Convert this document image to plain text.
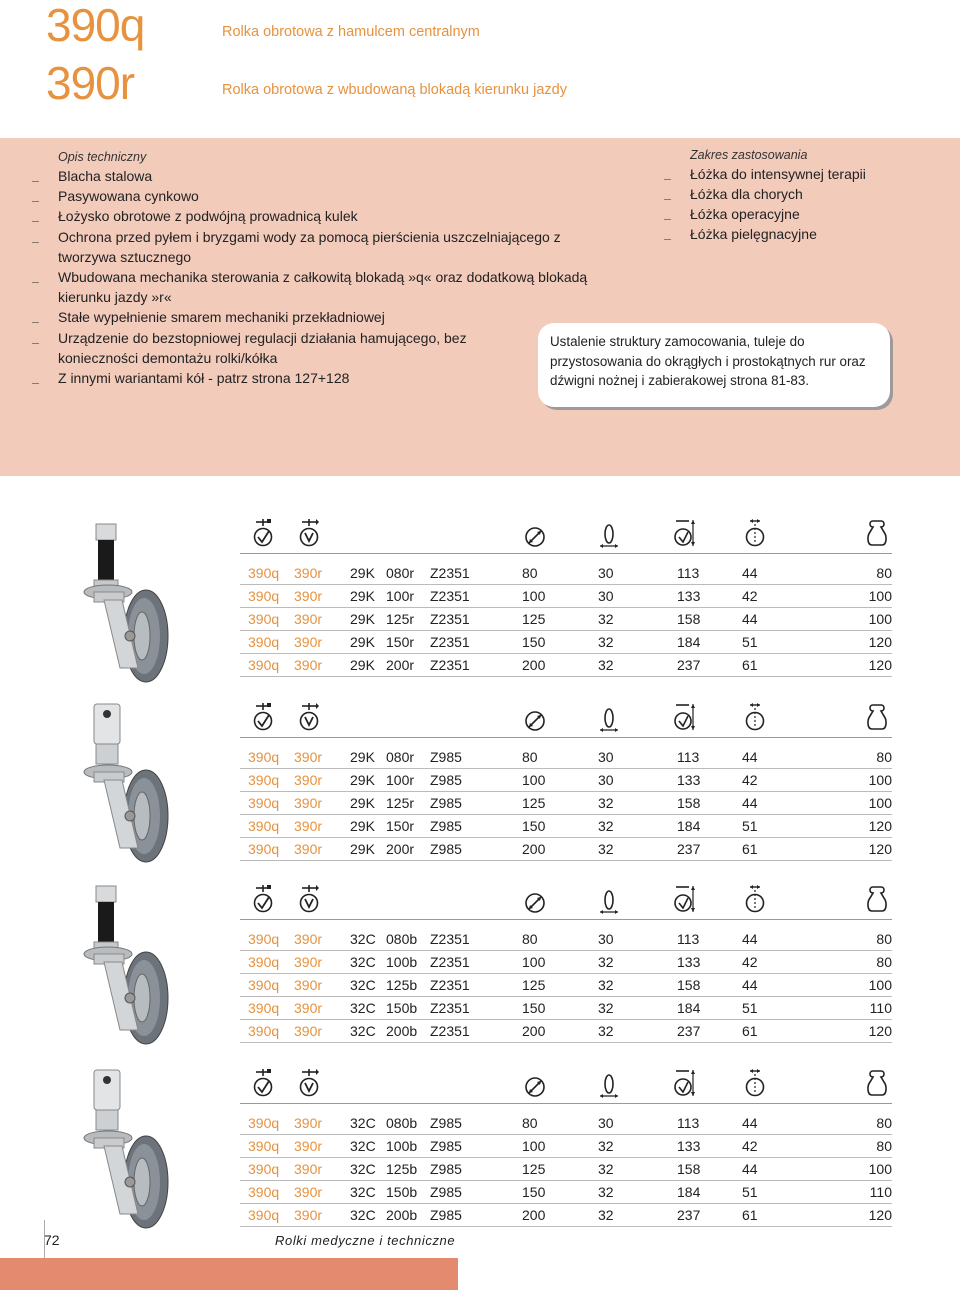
390q
390r
Rolka obrotowa z hamulcem centralnym
Rolka obrotowa z wbudowaną blokadą kierunku jazdy
Opis techniczny
Blacha stalowa
Pasywowana cynkowo
Łożysko obrotowe z podwójną prowadnicą kulek
Ochrona przed pyłem i bryzgami wody za pomocą pierścienia uszczelniającego z tworzywa sztucznego
Wbudowana mechanika sterowania z całkowitą blokadą »q« oraz dodatkową blokadą kierunku jazdy »r«
Stałe wypełnienie smarem mechaniki przekładniowej
Urządzenie do bezstopniowej regulacji działania hamującego, bez konieczności demontażu rolki/kółka
Z innymi wariantami kół - patrz strona 127+128
Zakres zastosowania
Łóżka do intensywnej terapii
Łóżka dla chorych
Łóżka operacyjne
Łóżka pielęgnacyjne
Ustalenie struktury zamocowania, tuleje do przystosowania do okrągłych i prostokątnych rur oraz dźwigni nożnej i zabierakowej strona 81-83.
390q 390r 29K 080r Z2351	80	30	113	44	80
390q 390r 29K 100r Z2351	100	30	133	42	100
390q 390r 29K 125r Z2351	125	32	158	44	100
390q 390r 29K 150r Z2351	150	32	184	51	120
390q 390r 29K 200r Z2351	200	32	237	61	120
390q 390r 29K 080r Z985	80	30	113	44	80
390q 390r 29K 100r Z985	100	30	133	42	100
390q 390r 29K 125r Z985	125	32	158	44	100
390q 390r 29K 150r Z985	150	32	184	51	120
390q 390r 29K 200r Z985	200	32	237	61	120
390q 390r 32C 080b Z2351	80	30	113	44	80
390q 390r 32C 100b Z2351	100	32	133	42	80
390q 390r 32C 125b Z2351	125	32	158	44	100
390q 390r 32C 150b Z2351	150	32	184	51	110
390q 390r 32C 200b Z2351	200	32	237	61	120
390q 390r 32C 080b Z985	80	30	113	44	80
390q 390r 32C 100b Z985	100	32	133	42	80
390q 390r 32C 125b Z985	125	32	158	44	100
390q 390r 32C 150b Z985	150	32	184	51	110
390q 390r 32C 200b Z985	200	32	237	61	120
72	Rolki medyczne i techniczne
